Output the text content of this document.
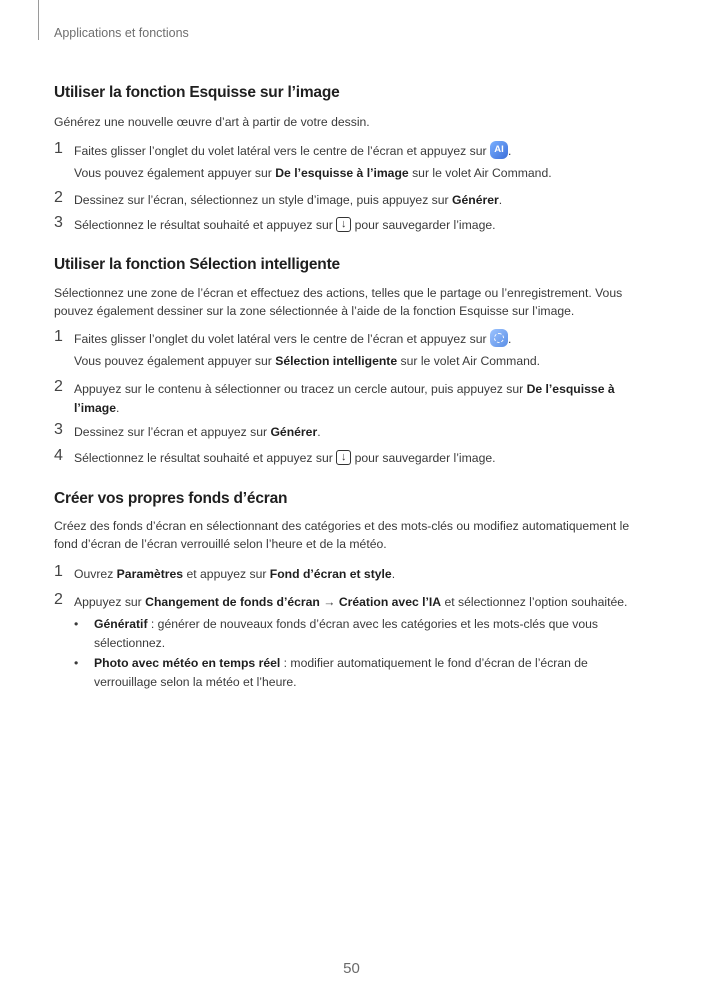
Applications et fonctions
Utiliser la fonction Esquisse sur l’image

Générez une nouvelle œuvre d’art à partir de votre dessin.

1 Faites glisser l’onglet du volet latéral vers le centre de l’écran et appuyez sur AI .
Vous pouvez également appuyer sur De l’esquisse à l’image sur le volet Air Command.
2 Dessinez sur l’écran, sélectionnez un style d’image, puis appuyez sur Générer.
3 Sélectionnez le résultat souhaité et appuyez sur ↓ pour sauvegarder l’image.
Utiliser la fonction Sélection intelligente

Sélectionnez une zone de l’écran et effectuez des actions, telles que le partage ou l’enregistrement. Vous

pouvez également dessiner sur la zone sélectionnée à l’aide de la fonction Esquisse sur l’image.

1 Faites glisser l’onglet du volet latéral vers le centre de l’écran et appuyez sur .
Vous pouvez également appuyer sur Sélection intelligente sur le volet Air Command.
2 Appuyez sur le contenu à sélectionner ou tracez un cercle autour, puis appuyez sur De l’esquisse à
l’image.
3 Dessinez sur l’écran et appuyez sur Générer.
4 Sélectionnez le résultat souhaité et appuyez sur ↓ pour sauvegarder l’image.
Créer vos propres fonds d’écran

Créez des fonds d’écran en sélectionnant des catégories et des mots-clés ou modifiez automatiquement le

fond d’écran de l’écran verrouillé selon l’heure et de la météo.

1 Ouvrez Paramètres et appuyez sur Fond d’écran et style.
2 Appuyez sur Changement de fonds d’écran → Création avec l’IA et sélectionnez l’option souhaitée.
• Génératif : générer de nouveaux fonds d’écran avec les catégories et les mots-clés que vous
sélectionnez.
• Photo avec météo en temps réel : modifier automatiquement le fond d’écran de l’écran de
verrouillage selon la météo et l’heure.
50
